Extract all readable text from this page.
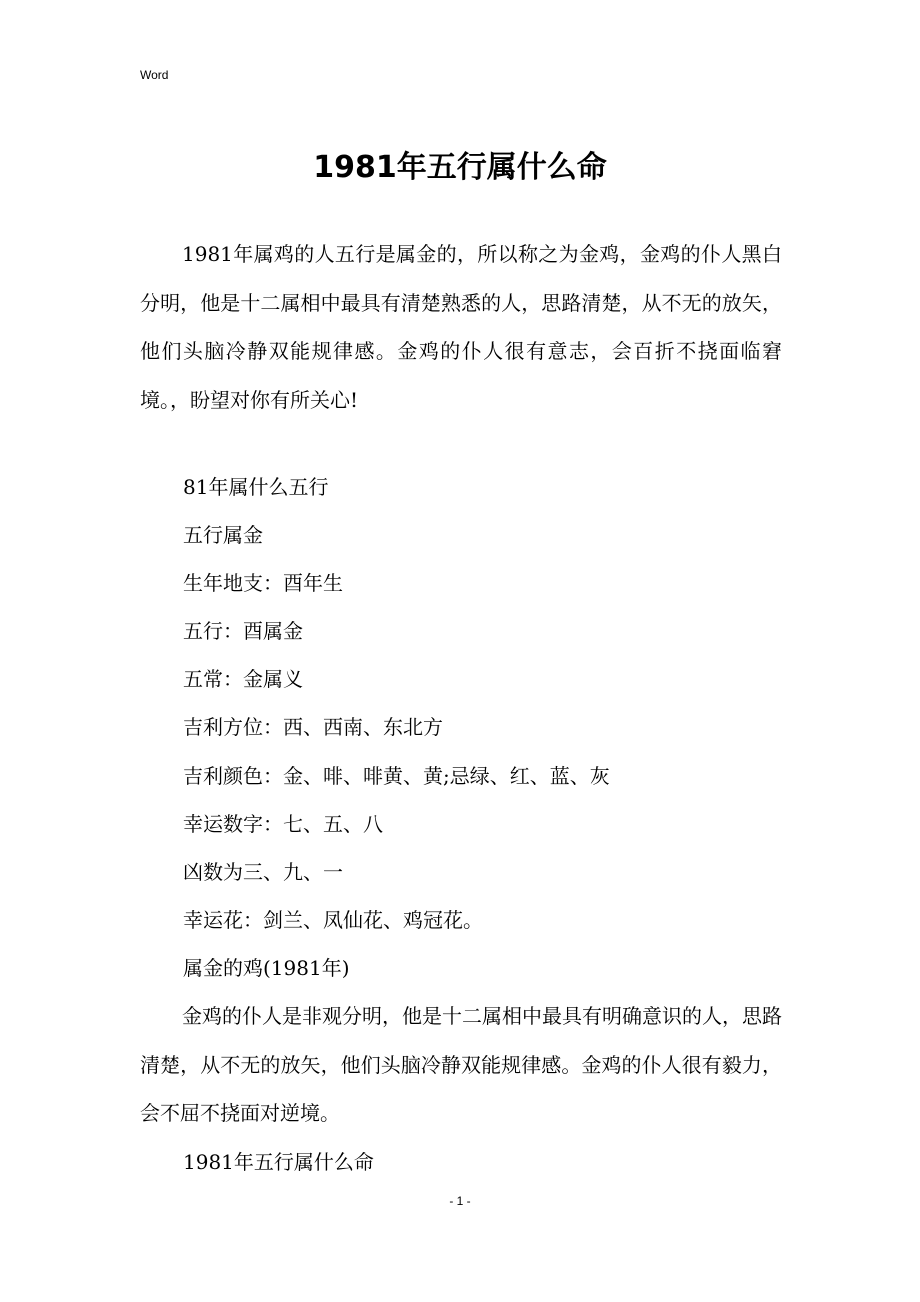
Word
1981年五行属什么命

1981年属鸡的人五行是属金的，所以称之为金鸡，金鸡的仆人黑白分明，他是十二属相中最具有清楚熟悉的人，思路清楚，从不无的放矢，他们头脑冷静双能规律感。金鸡的仆人很有意志，会百折不挠面临窘境。，盼望对你有所关心!

81年属什么五行

五行属金

生年地支：酉年生

五行：酉属金

五常：金属义

吉利方位：西、西南、东北方

吉利颜色：金、啡、啡黄、黄;忌绿、红、蓝、灰

幸运数字：七、五、八

凶数为三、九、一

幸运花：剑兰、凤仙花、鸡冠花。

属金的鸡(1981年)

金鸡的仆人是非观分明，他是十二属相中最具有明确意识的人，思路清楚，从不无的放矢，他们头脑冷静双能规律感。金鸡的仆人很有毅力，会不屈不挠面对逆境。

1981年五行属什么命

- 1 -
